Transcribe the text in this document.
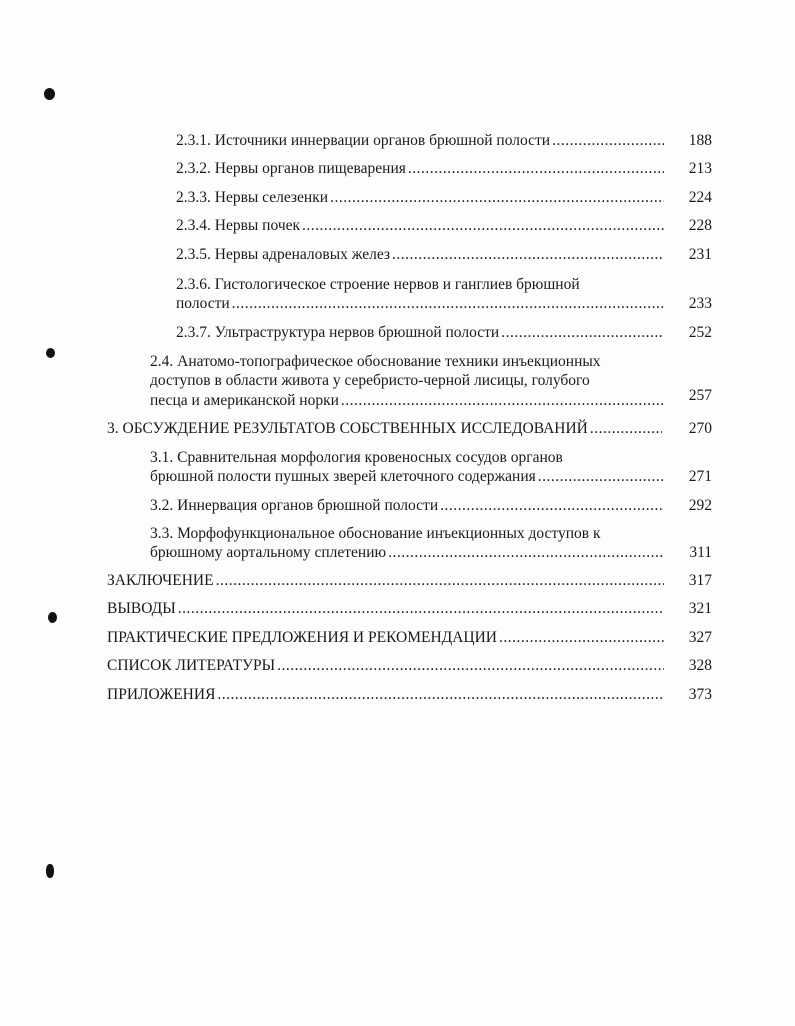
2.3.1. Источники иннервации органов брюшной полости .....	188
2.3.2. Нервы органов пищеварения .....	213
2.3.3. Нервы селезенки .....	224
2.3.4. Нервы почек .....	228
2.3.5. Нервы адреналовых желез .....	231
2.3.6. Гистологическое строение нервов и ганглиев брюшной
полости .....	233
2.3.7. Ультраструктура нервов брюшной полости .....	252
2.4. Анатомо-топографическое обоснование техники инъекционных
доступов в области живота у серебристо-черной лисицы, голубого
песца и американской норки .....	257
3. ОБСУЖДЕНИЕ РЕЗУЛЬТАТОВ СОБСТВЕННЫХ ИССЛЕДОВАНИЙ .....	270
3.1. Сравнительная морфология кровеносных сосудов органов
брюшной полости пушных зверей клеточного содержания .....	271
3.2. Иннервация органов брюшной полости .....	292
3.3. Морфофункциональное обоснование инъекционных доступов к
брюшному аортальному сплетению .....	311
ЗАКЛЮЧЕНИЕ .....	317
ВЫВОДЫ .....	321
ПРАКТИЧЕСКИЕ ПРЕДЛОЖЕНИЯ И РЕКОМЕНДАЦИИ .....	327
СПИСОК ЛИТЕРАТУРЫ .....	328
ПРИЛОЖЕНИЯ .....	373
